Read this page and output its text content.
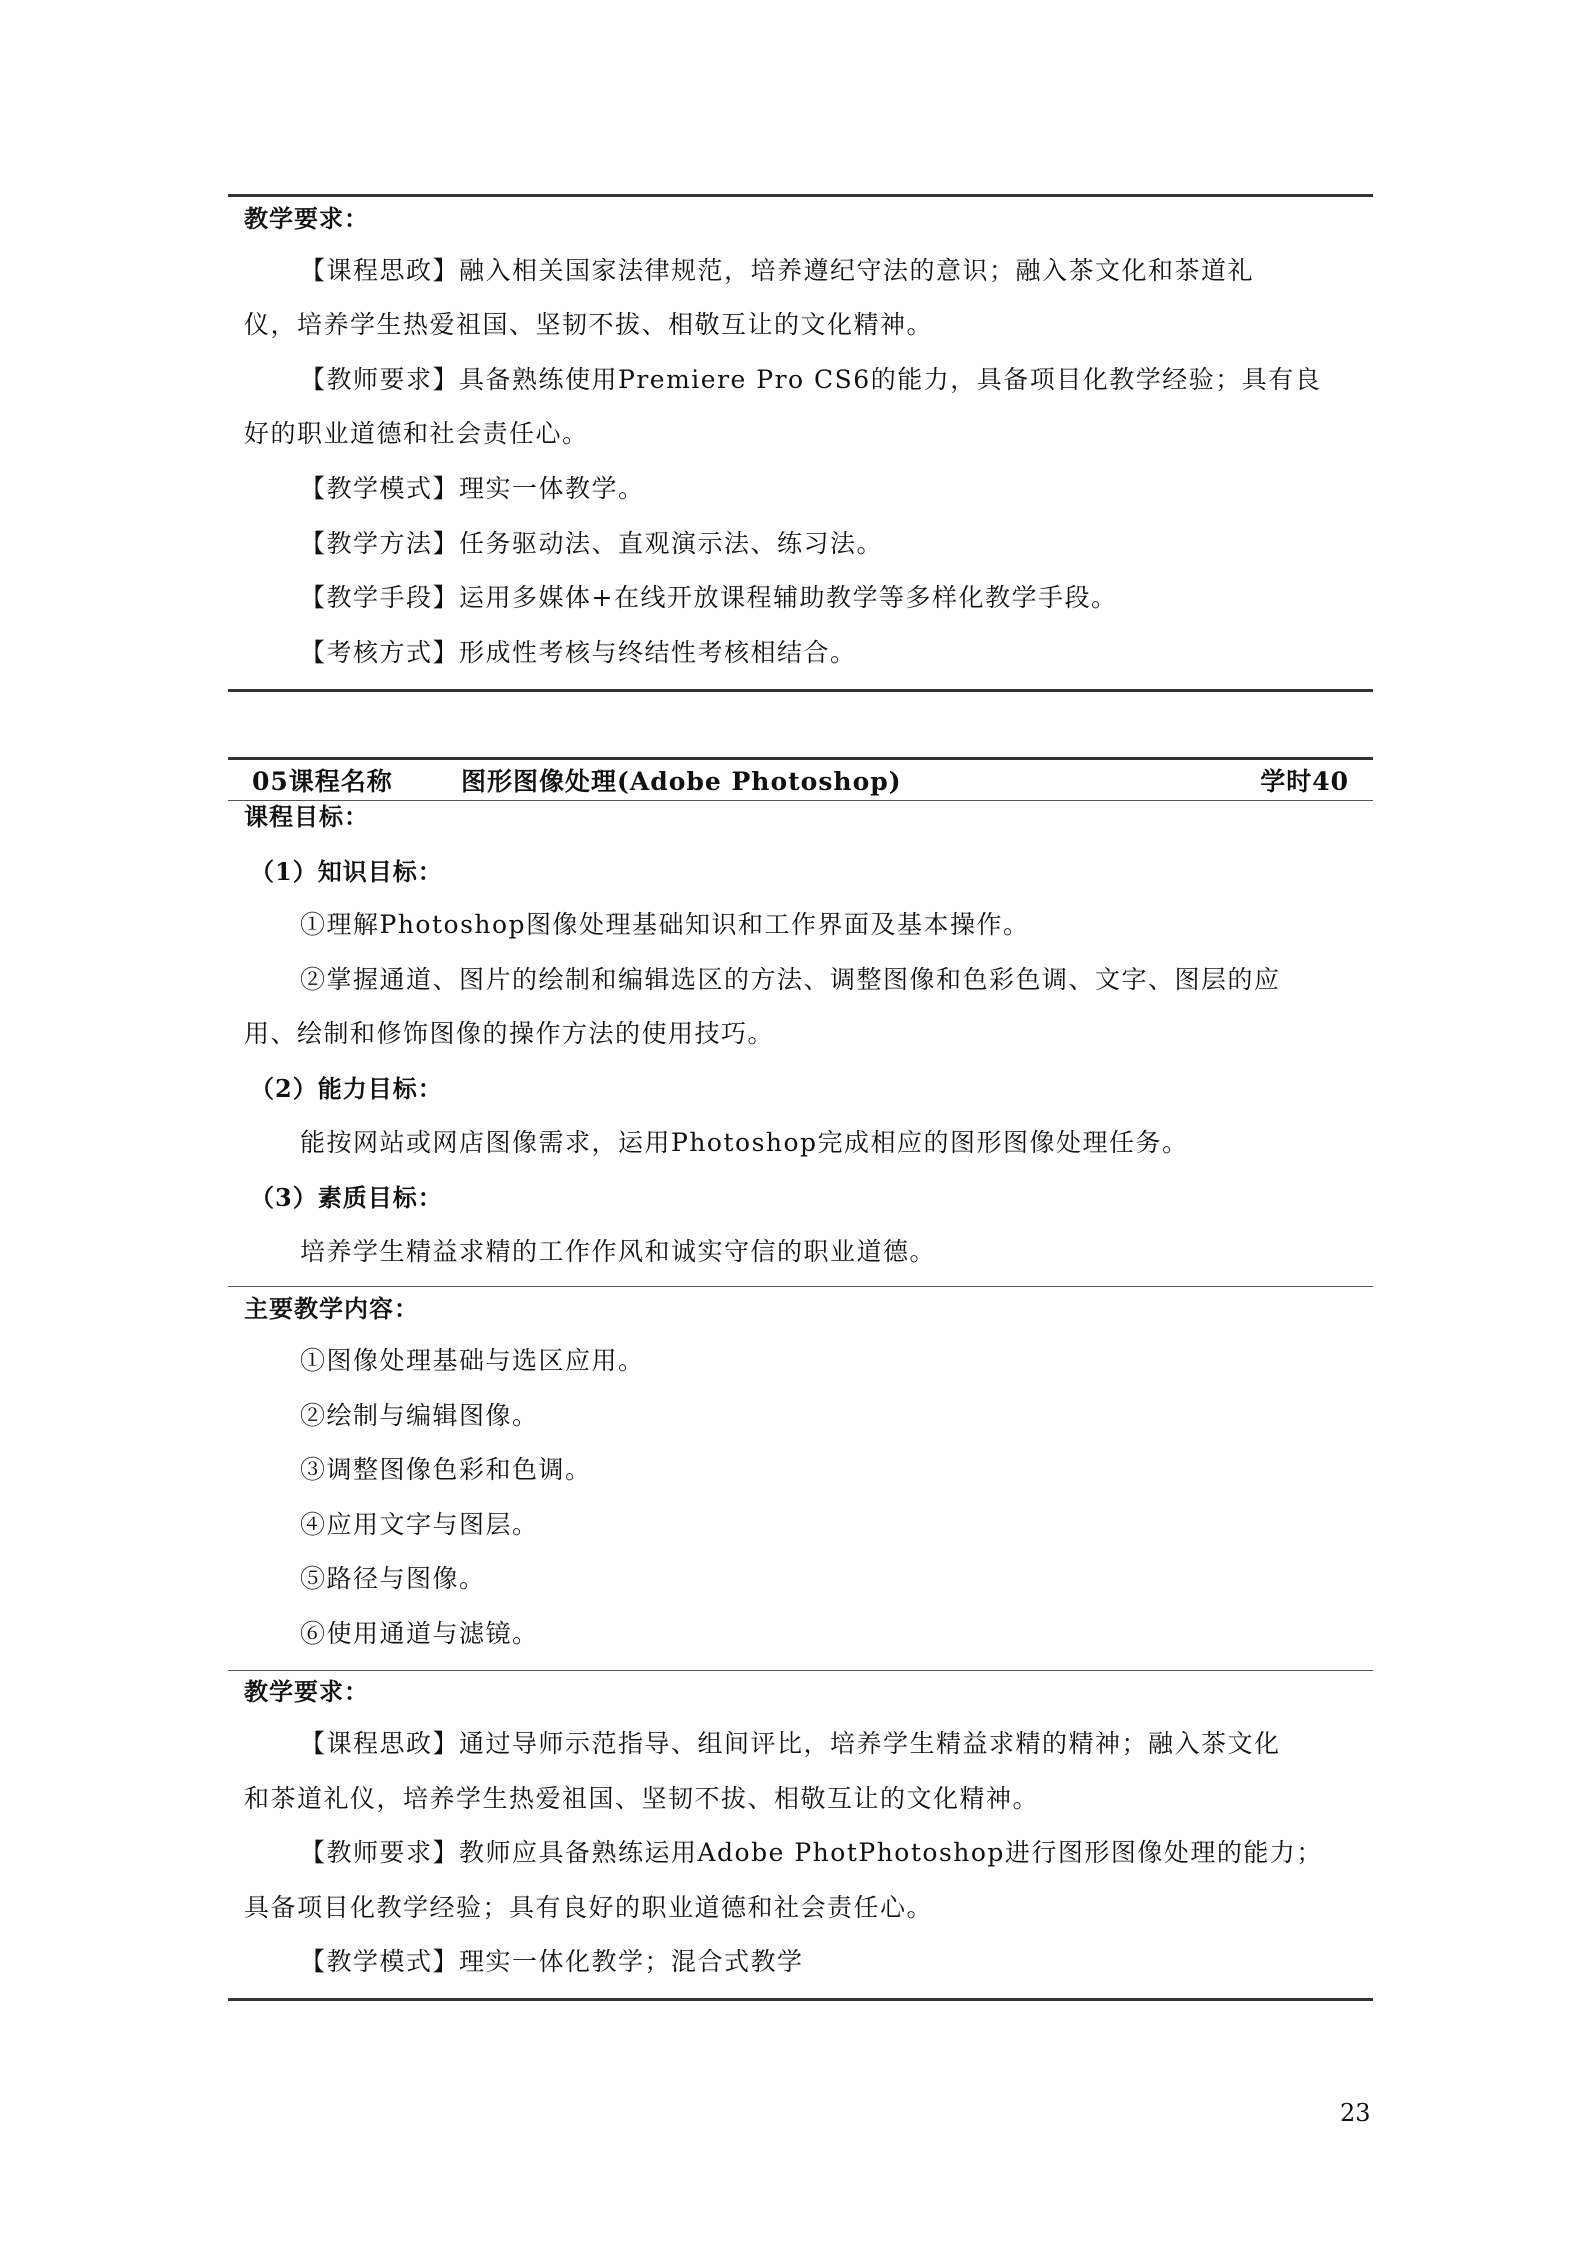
教学要求：
【课程思政】融入相关国家法律规范，培养遵纪守法的意识；融入茶文化和茶道礼
仪，培养学生热爱祖国、坚韧不拔、相敬互让的文化精神。
【教师要求】具备熟练使用Premiere Pro CS6的能力，具备项目化教学经验；具有良
好的职业道德和社会责任心。
【教学模式】理实一体教学。
【教学方法】任务驱动法、直观演示法、练习法。
【教学手段】运用多媒体+在线开放课程辅助教学等多样化教学手段。
【考核方式】形成性考核与终结性考核相结合。
05课程名称	图形图像处理(Adobe Photoshop)	学时40
课程目标：
（1）知识目标：
①理解Photoshop图像处理基础知识和工作界面及基本操作。
②掌握通道、图片的绘制和编辑选区的方法、调整图像和色彩色调、文字、图层的应
用、绘制和修饰图像的操作方法的使用技巧。
（2）能力目标：
能按网站或网店图像需求，运用Photoshop完成相应的图形图像处理任务。
（3）素质目标：
培养学生精益求精的工作作风和诚实守信的职业道德。
主要教学内容：
①图像处理基础与选区应用。
②绘制与编辑图像。
③调整图像色彩和色调。
④应用文字与图层。
⑤路径与图像。
⑥使用通道与滤镜。
教学要求：
【课程思政】通过导师示范指导、组间评比，培养学生精益求精的精神；融入茶文化
和茶道礼仪，培养学生热爱祖国、坚韧不拔、相敬互让的文化精神。
【教师要求】教师应具备熟练运用Adobe PhotPhotoshop进行图形图像处理的能力；
具备项目化教学经验；具有良好的职业道德和社会责任心。
【教学模式】理实一体化教学；混合式教学
23
